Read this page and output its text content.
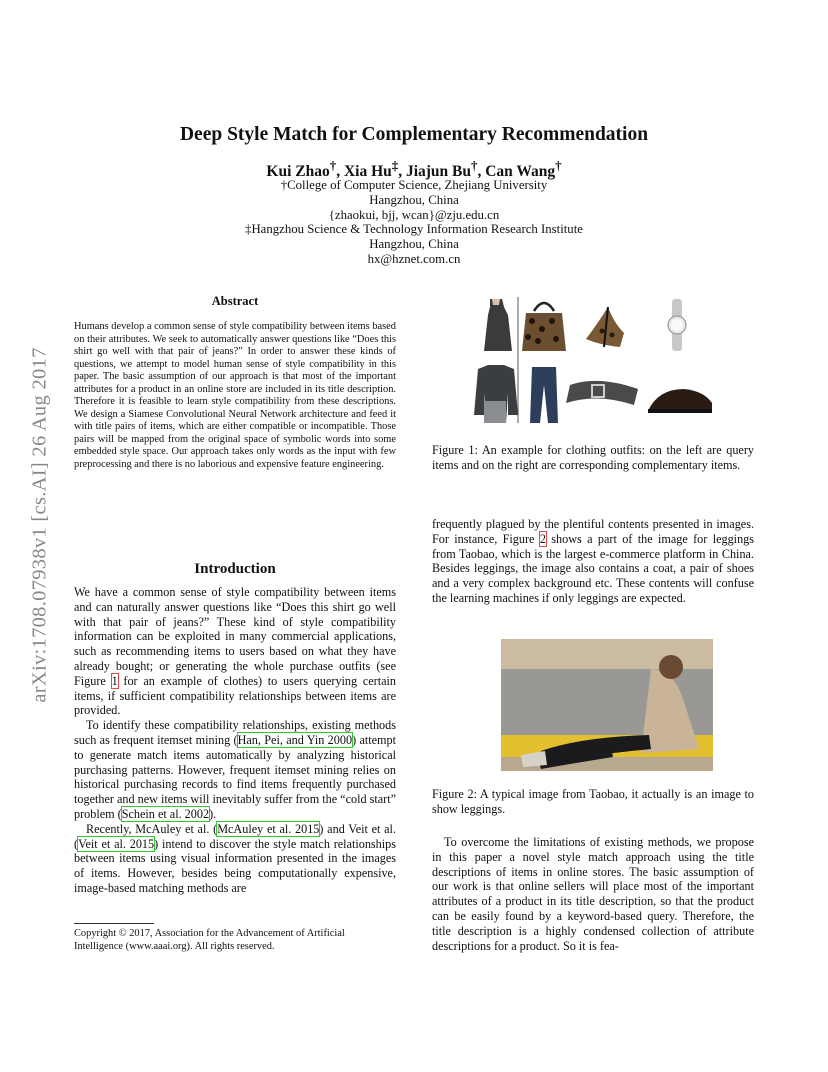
arXiv:1708.07938v1 [cs.AI] 26 Aug 2017
Deep Style Match for Complementary Recommendation
Kui Zhao†, Xia Hu‡, Jiajun Bu†, Can Wang†
†College of Computer Science, Zhejiang University
Hangzhou, China
{zhaokui, bjj, wcan}@zju.edu.cn
‡Hangzhou Science & Technology Information Research Institute
Hangzhou, China
hx@hznet.com.cn
Abstract
Humans develop a common sense of style compatibility between items based on their attributes. We seek to automatically answer questions like “Does this shirt go well with that pair of jeans?” In order to answer these kinds of questions, we attempt to model human sense of style compatibility in this paper. The basic assumption of our approach is that most of the important attributes for a product in an online store are included in its title description. Therefore it is feasible to learn style compatibility from these descriptions. We design a Siamese Convolutional Neural Network architecture and feed it with title pairs of items, which are either compatible or incompatible. Those pairs will be mapped from the original space of symbolic words into some embedded style space. Our approach takes only words as the input with few preprocessing and there is no laborious and expensive feature engineering.
Introduction

We have a common sense of style compatibility between items and can naturally answer questions like “Does this shirt go well with that pair of jeans?” These kind of style compatibility information can be exploited in many commercial applications, such as recommending items to users based on what they have already bought; or generating the whole purchase outfits (see Figure 1 for an example of clothes) to users querying certain items, if sufficient compatibility relationships between items are provided.

To identify these compatibility relationships, existing methods such as frequent itemset mining (Han, Pei, and Yin 2000) attempt to generate match items automatically by analyzing historical purchasing patterns. However, frequent itemset mining relies on historical purchasing records to find items frequently purchased together and new items will inevitably suffer from the “cold start” problem (Schein et al. 2002).

Recently, McAuley et al. (McAuley et al. 2015) and Veit et al. (Veit et al. 2015) intend to discover the style match relationships between items using visual information presented in the images of items. However, besides being computationally expensive, image-based matching methods are

Copyright © 2017, Association for the Advancement of Artificial Intelligence (www.aaai.org). All rights reserved.
Figure 1: An example for clothing outfits: on the left are query items and on the right are corresponding complementary items.

frequently plagued by the plentiful contents presented in images. For instance, Figure 2 shows a part of the image for leggings from Taobao, which is the largest e-commerce platform in China. Besides leggings, the image also contains a coat, a pair of shoes and a very complex background etc. These contents will confuse the learning machines if only leggings are expected.

Figure 2: A typical image from Taobao, it actually is an image to show leggings.

To overcome the limitations of existing methods, we propose in this paper a novel style match approach using the title descriptions of items in online stores. The basic assumption of our work is that online sellers will place most of the important attributes of a product in its title description, so that the product can be easily found by a keyword-based query. Therefore, the title description is a highly condensed collection of attribute descriptions for a product. So it is fea-
